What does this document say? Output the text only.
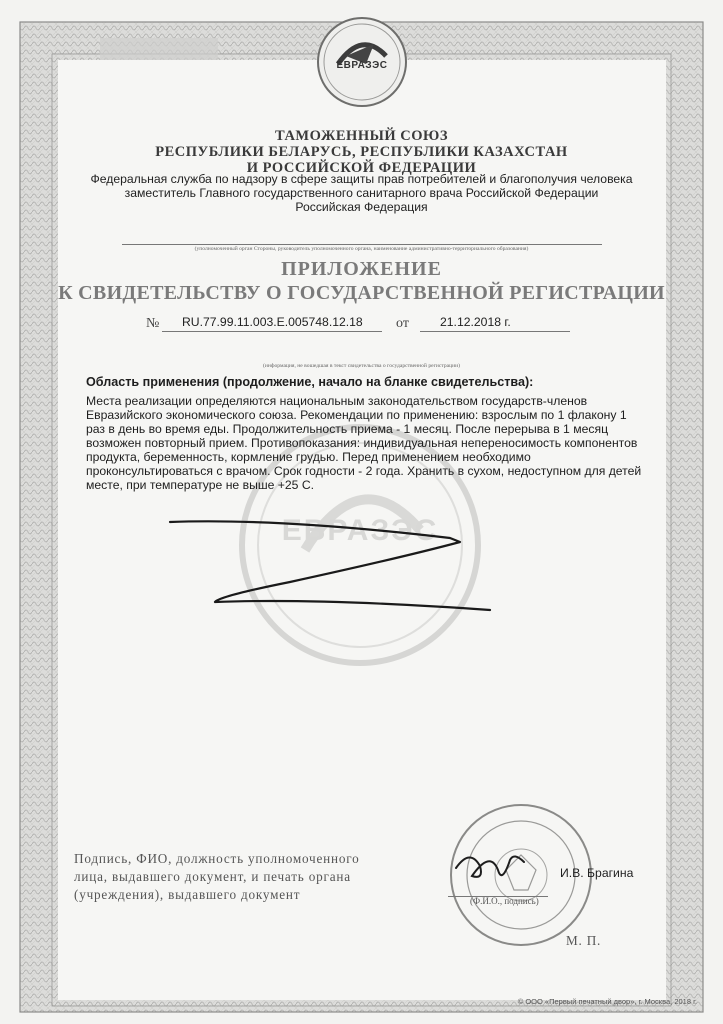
ЕВРАЗЭС
ЕВРАЗЭС
ТАМОЖЕННЫЙ СОЮЗ
РЕСПУБЛИКИ БЕЛАРУСЬ, РЕСПУБЛИКИ КАЗАХСТАН
И РОССИЙСКОЙ ФЕДЕРАЦИИ
Федеральная служба по надзору в сфере защиты прав потребителей и благополучия человека
заместитель Главного государственного санитарного врача Российской Федерации
Российская Федерация
(уполномоченный орган Стороны, руководитель уполномоченного органа, наименование административно-территориального образования)
ПРИЛОЖЕНИЕ
К СВИДЕТЕЛЬСТВУ О ГОСУДАРСТВЕННОЙ РЕГИСТРАЦИИ
№ RU.77.99.11.003.E.005748.12.18 от	21.12.2018 г.
(информация, не вошедшая в текст свидетельства о государственной регистрации)
Область применения (продолжение, начало на бланке свидетельства):
Места реализации определяются национальным законодательством государств-членов
Евразийского экономического союза. Рекомендации по применению: взрослым по 1 флакону 1
раз в день во время еды. Продолжительность приема - 1 месяц. После перерыва в 1 месяц
возможен повторный прием. Противопоказания: индивидуальная непереносимость компонентов
продукта, беременность, кормление грудью. Перед применением необходимо
проконсультироваться с врачом. Срок годности - 2 года. Хранить в сухом, недоступном для детей
месте, при температуре не выше +25 С.
Подпись, ФИО, должность уполномоченного
лица, выдавшего документ, и печать органа
(учреждения), выдавшего документ	(Ф.И.О., подпись)
И.В. Брагина
М. П.
© ООО «Первый печатный двор», г. Москва, 2018 г.
